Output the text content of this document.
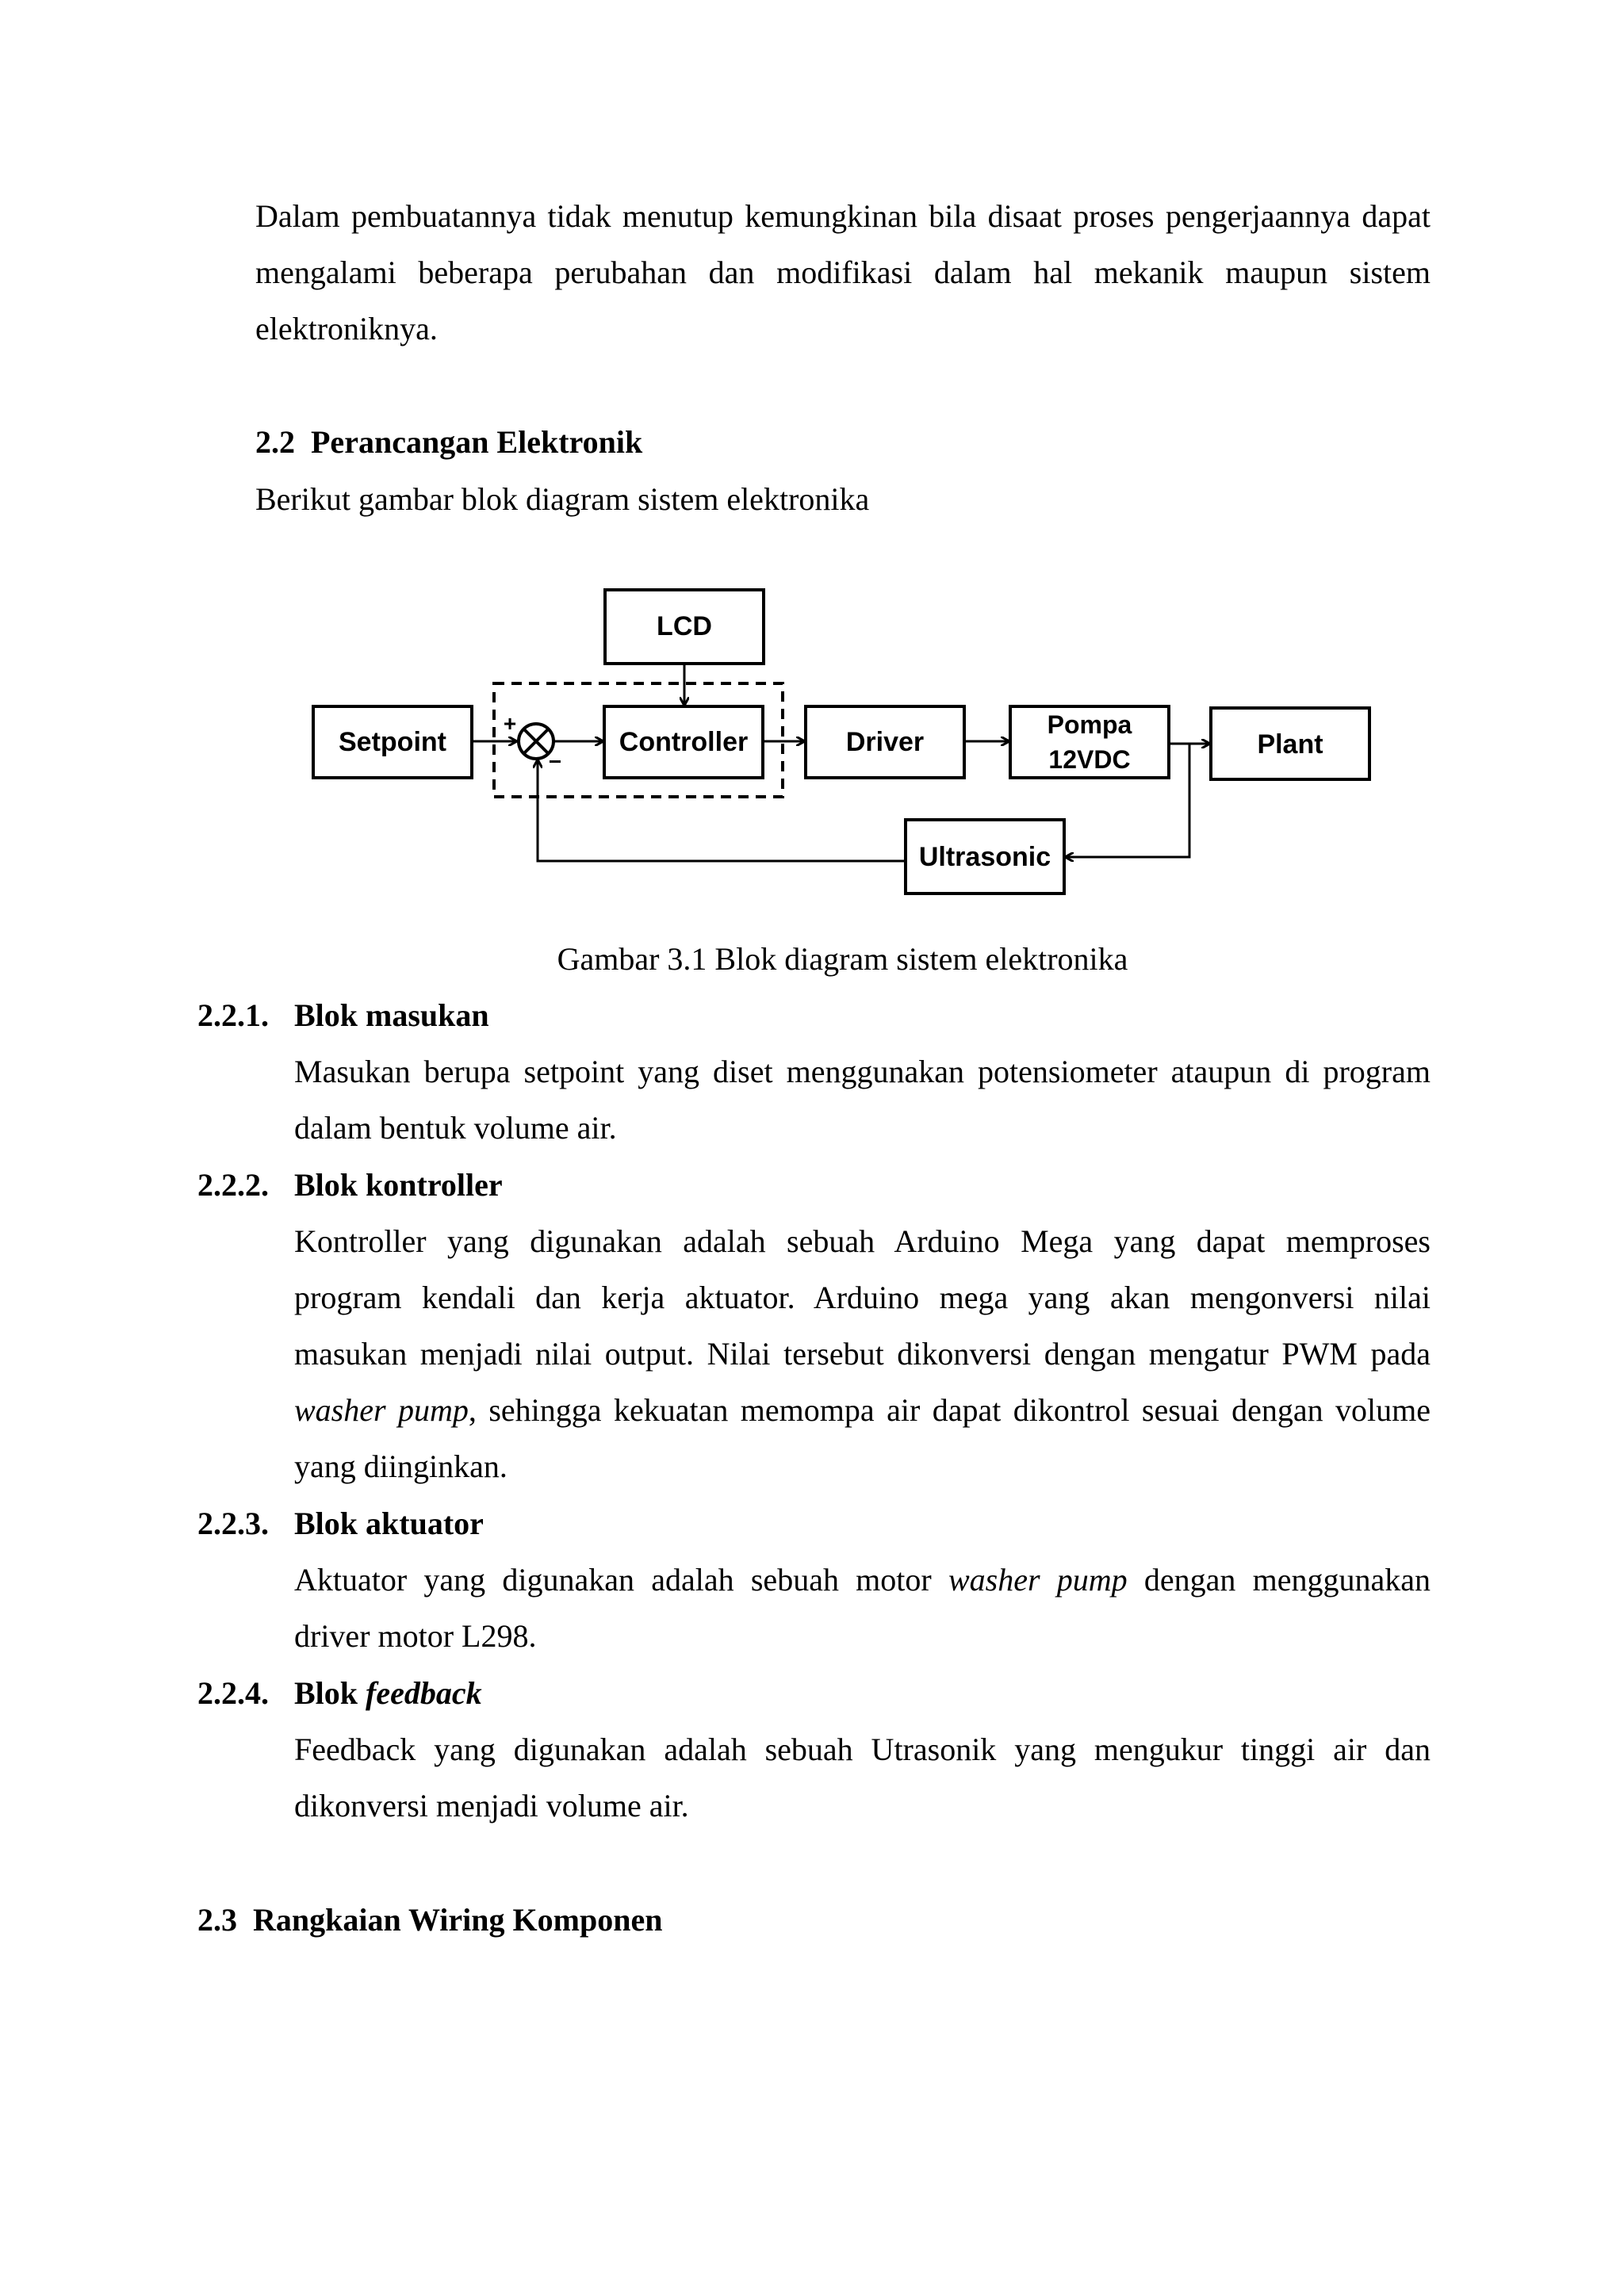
Dalam pembuatannya tidak menutup kemungkinan bila disaat proses pengerjaannya dapat
mengalami beberapa perubahan dan modifikasi dalam hal mekanik maupun sistem
elektroniknya.
2.2  Perancangan Elektronik
Berikut gambar blok diagram sistem elektronika
LCD
Setpoint
+
−
Controller	Driver
Pompa
12VDC	Plant
Ultrasonic
Gambar 3.1 Blok diagram sistem elektronika
2.2.1. Blok masukan
Masukan berupa setpoint yang diset menggunakan potensiometer ataupun di program
dalam bentuk volume air.
2.2.2. Blok kontroller
Kontroller yang digunakan adalah sebuah Arduino Mega yang dapat memproses
program kendali dan kerja aktuator. Arduino mega yang akan mengonversi nilai
masukan menjadi nilai output. Nilai tersebut dikonversi dengan mengatur PWM pada
washer pump, sehingga kekuatan memompa air dapat dikontrol sesuai dengan volume
yang diinginkan.
2.2.3. Blok aktuator
Aktuator yang digunakan adalah sebuah motor washer pump dengan menggunakan
driver motor L298.
2.2.4. Blok feedback
Feedback yang digunakan adalah sebuah Utrasonik yang mengukur tinggi air dan
dikonversi menjadi volume air.
2.3  Rangkaian Wiring Komponen
